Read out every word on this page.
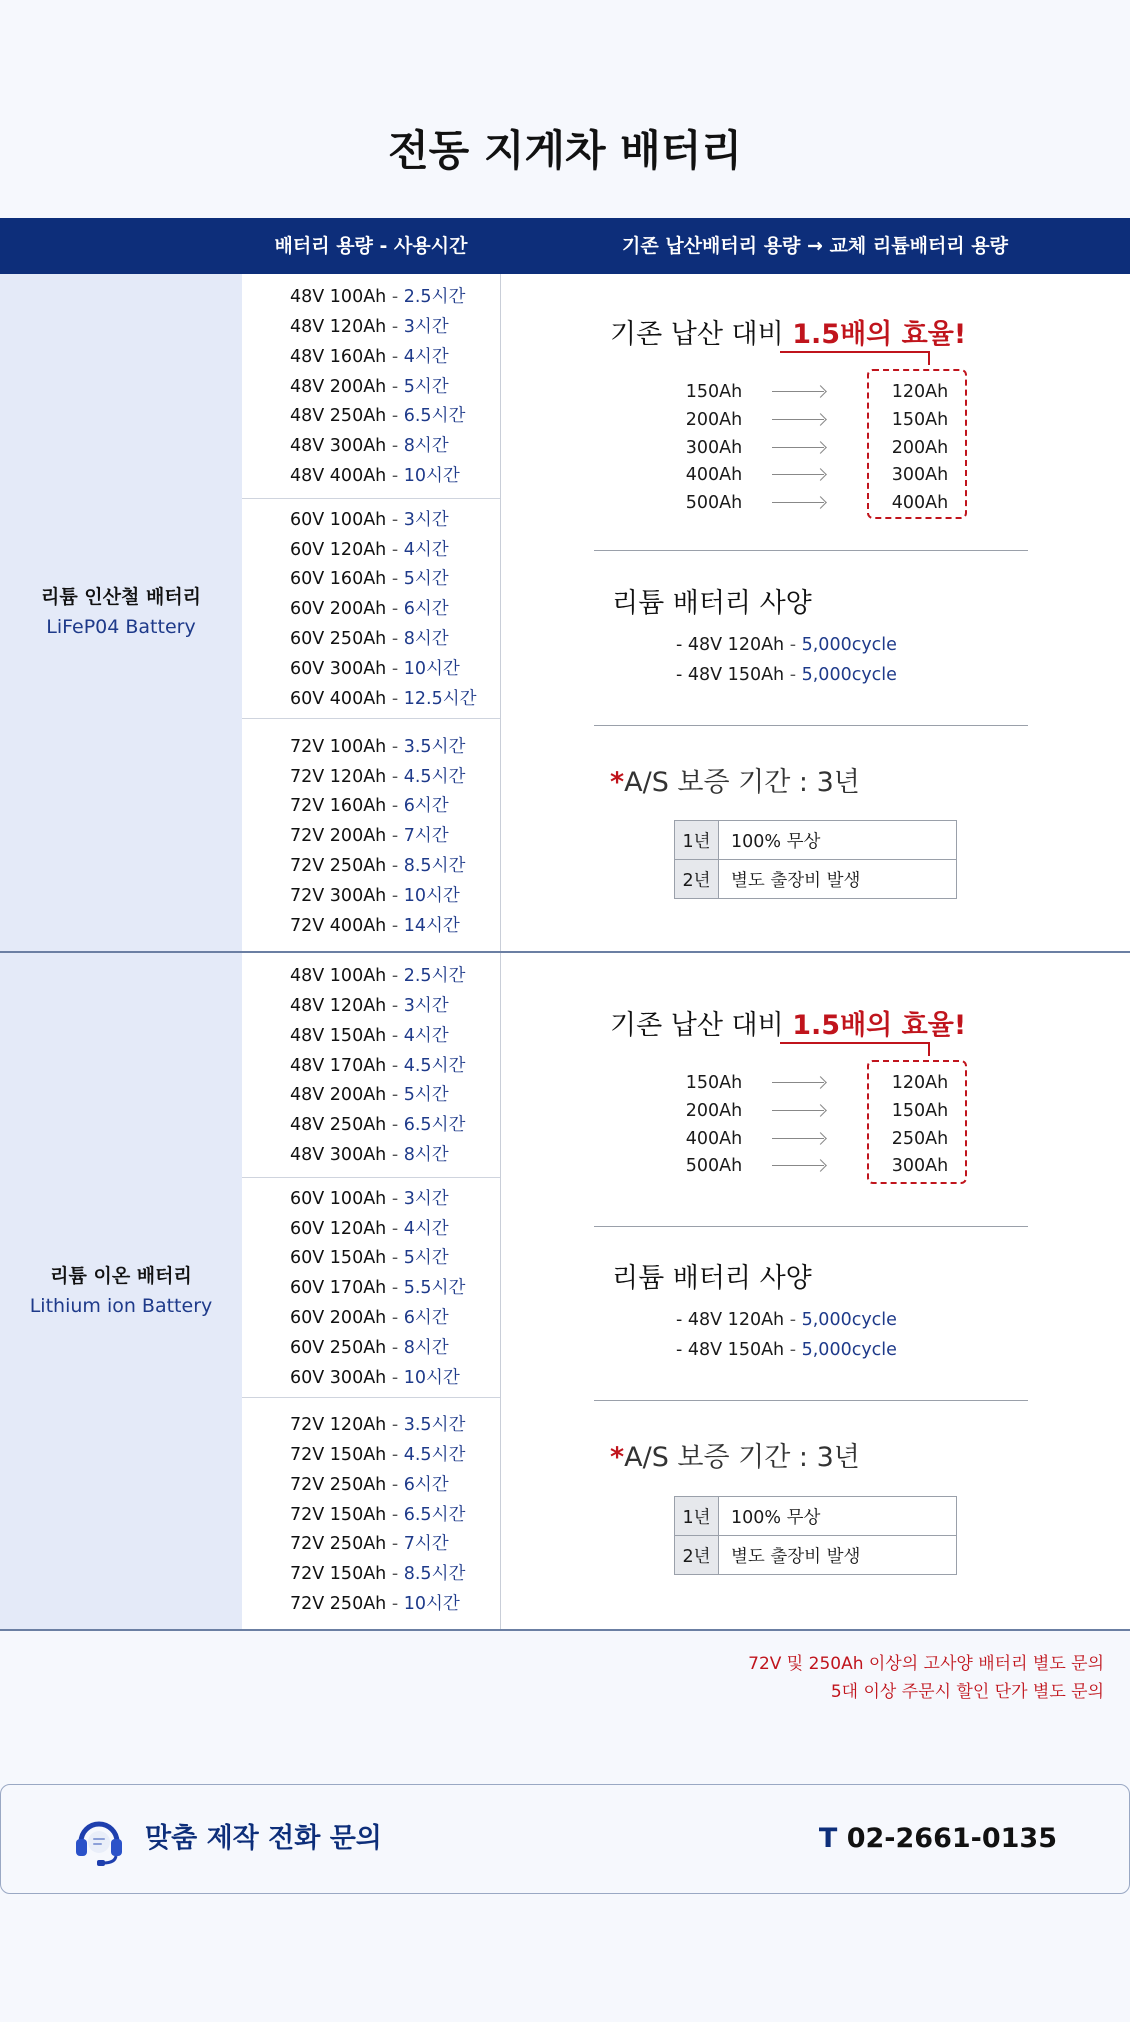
전동 지게차 배터리
배터리 용량 - 사용시간	기존 납산배터리 용량 → 교체 리튬배터리 용량
리튬 인산철 배터리
LiFeP04 Battery
48V 100Ah - 2.5시간
48V 120Ah - 3시간
48V 160Ah - 4시간
48V 200Ah - 5시간
48V 250Ah - 6.5시간
48V 300Ah - 8시간
48V 400Ah - 10시간
60V 100Ah - 3시간
60V 120Ah - 4시간
60V 160Ah - 5시간
60V 200Ah - 6시간
60V 250Ah - 8시간
60V 300Ah - 10시간
60V 400Ah - 12.5시간
72V 100Ah - 3.5시간
72V 120Ah - 4.5시간
72V 160Ah - 6시간
72V 200Ah - 7시간
72V 250Ah - 8.5시간
72V 300Ah - 10시간
72V 400Ah - 14시간
기존 납산 대비 1.5배의 효율!
150Ah	120Ah
200Ah	150Ah
300Ah	200Ah
400Ah	300Ah
500Ah	400Ah
리튬 배터리 사양
- 48V 120Ah - 5,000cycle
- 48V 150Ah - 5,000cycle
*A/S 보증 기간 : 3년
1년	100% 무상
2년	별도 출장비 발생
리튬 이온 배터리
Lithium ion Battery
48V 100Ah - 2.5시간
48V 120Ah - 3시간
48V 150Ah - 4시간
48V 170Ah - 4.5시간
48V 200Ah - 5시간
48V 250Ah - 6.5시간
48V 300Ah - 8시간
60V 100Ah - 3시간
60V 120Ah - 4시간
60V 150Ah - 5시간
60V 170Ah - 5.5시간
60V 200Ah - 6시간
60V 250Ah - 8시간
60V 300Ah - 10시간
72V 120Ah - 3.5시간
72V 150Ah - 4.5시간
72V 250Ah - 6시간
72V 150Ah - 6.5시간
72V 250Ah - 7시간
72V 150Ah - 8.5시간
72V 250Ah - 10시간
기존 납산 대비 1.5배의 효율!
150Ah	120Ah
200Ah	150Ah
400Ah	250Ah
500Ah	300Ah
리튬 배터리 사양
- 48V 120Ah - 5,000cycle
- 48V 150Ah - 5,000cycle
*A/S 보증 기간 : 3년
1년	100% 무상
2년	별도 출장비 발생
72V 및 250Ah 이상의 고사양 배터리 별도 문의
5대 이상 주문시 할인 단가 별도 문의
맞춤 제작 전화 문의	T 02-2661-0135
